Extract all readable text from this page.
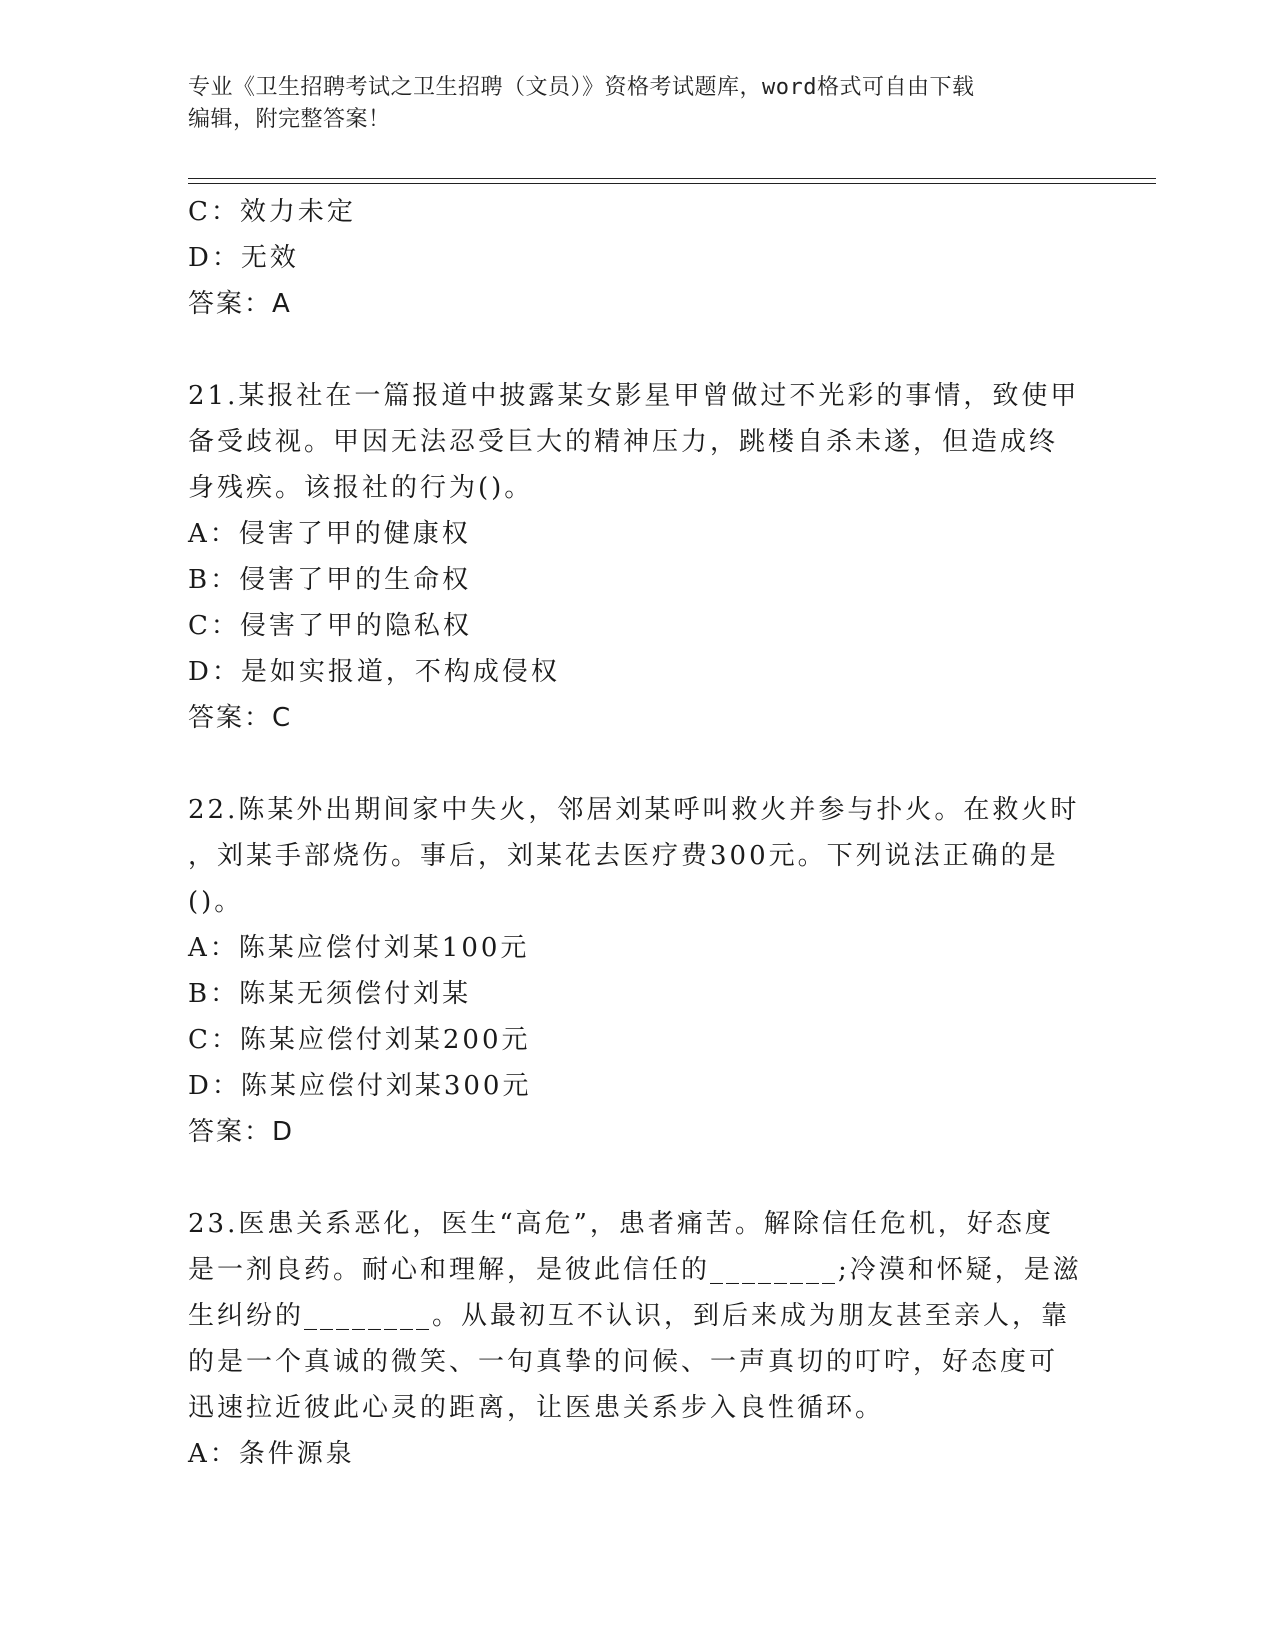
专业《卫生招聘考试之卫生招聘（文员）》资格考试题库，word格式可自由下载
编辑，附完整答案！
C：效力未定
D：无效
答案：A
21.某报社在一篇报道中披露某女影星甲曾做过不光彩的事情，致使甲
备受歧视。甲因无法忍受巨大的精神压力，跳楼自杀未遂，但造成终
身残疾。该报社的行为()。
A：侵害了甲的健康权
B：侵害了甲的生命权
C：侵害了甲的隐私权
D：是如实报道，不构成侵权
答案：C
22.陈某外出期间家中失火，邻居刘某呼叫救火并参与扑火。在救火时
，刘某手部烧伤。事后，刘某花去医疗费300元。下列说法正确的是
()。
A：陈某应偿付刘某100元
B：陈某无须偿付刘某
C：陈某应偿付刘某200元
D：陈某应偿付刘某300元
答案：D
23.医患关系恶化，医生“高危”，患者痛苦。解除信任危机，好态度
是一剂良药。耐心和理解，是彼此信任的________;冷漠和怀疑，是滋
生纠纷的________。从最初互不认识，到后来成为朋友甚至亲人，靠
的是一个真诚的微笑、一句真挚的问候、一声真切的叮咛，好态度可
迅速拉近彼此心灵的距离，让医患关系步入良性循环。
A：条件源泉
